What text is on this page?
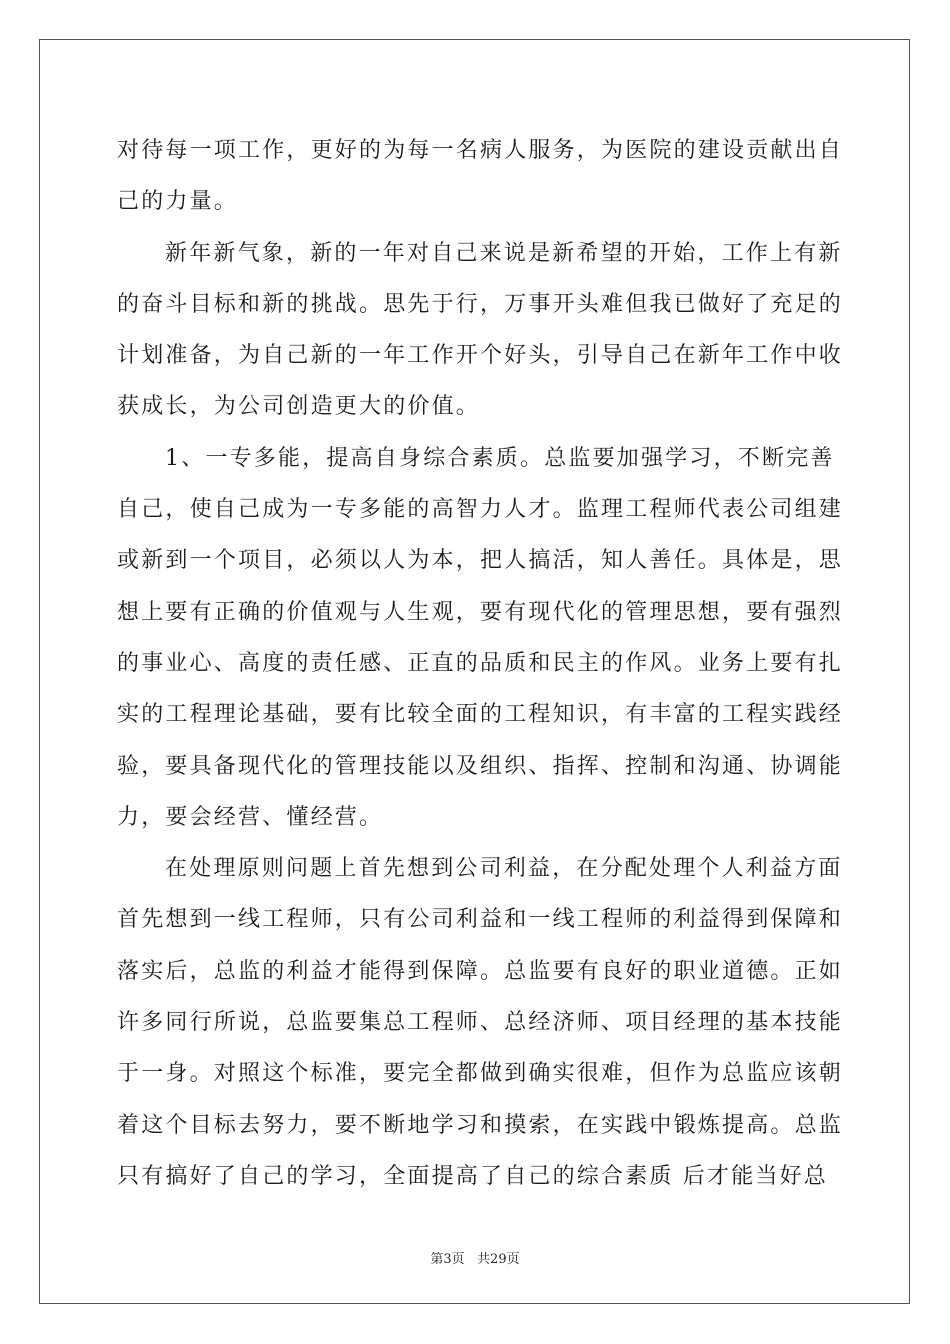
对待每一项工作，更好的为每一名病人服务，为医院的建设贡献出自
己的力量。
新年新气象，新的一年对自己来说是新希望的开始，工作上有新
的奋斗目标和新的挑战。思先于行，万事开头难但我已做好了充足的
计划准备，为自己新的一年工作开个好头，引导自己在新年工作中收
获成长，为公司创造更大的价值。
1、一专多能，提高自身综合素质。总监要加强学习，不断完善
自己，使自己成为一专多能的高智力人才。监理工程师代表公司组建
或新到一个项目，必须以人为本，把人搞活，知人善任。具体是，思
想上要有正确的价值观与人生观，要有现代化的管理思想，要有强烈
的事业心、高度的责任感、正直的品质和民主的作风。业务上要有扎
实的工程理论基础，要有比较全面的工程知识，有丰富的工程实践经
验，要具备现代化的管理技能以及组织、指挥、控制和沟通、协调能
力，要会经营、懂经营。
在处理原则问题上首先想到公司利益，在分配处理个人利益方面
首先想到一线工程师，只有公司利益和一线工程师的利益得到保障和
落实后，总监的利益才能得到保障。总监要有良好的职业道德。正如
许多同行所说，总监要集总工程师、总经济师、项目经理的基本技能
于一身。对照这个标准，要完全都做到确实很难，但作为总监应该朝
着这个目标去努力，要不断地学习和摸索，在实践中锻炼提高。总监
只有搞好了自己的学习，全面提高了自己的综合素质 后才能当好总
第3页   共29页
